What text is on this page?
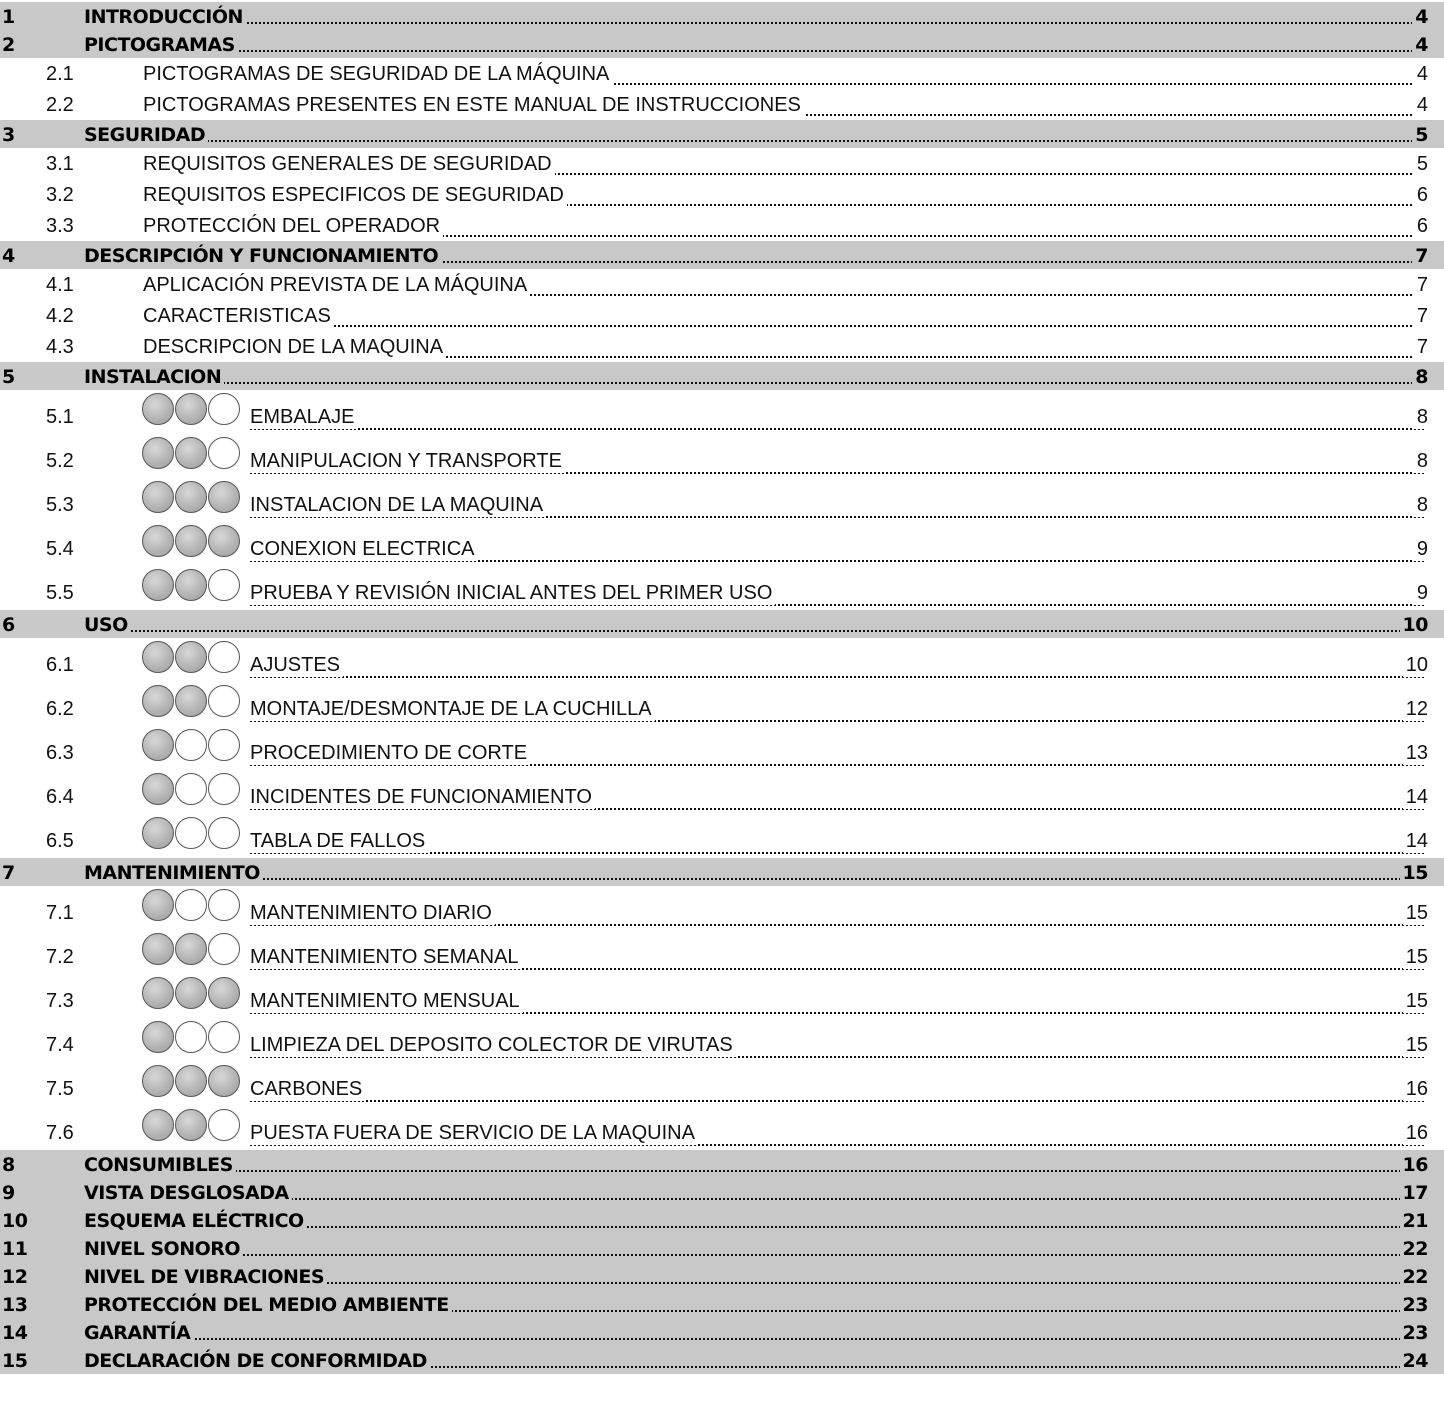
1	INTRODUCCIÓN	4
2	PICTOGRAMAS	4
2.1	PICTOGRAMAS DE SEGURIDAD DE LA MÁQUINA	4
2.2	PICTOGRAMAS PRESENTES EN ESTE MANUAL DE INSTRUCCIONES	4
3	SEGURIDAD	5
3.1	REQUISITOS GENERALES DE SEGURIDAD	5
3.2	REQUISITOS ESPECIFICOS DE SEGURIDAD	6
3.3	PROTECCIÓN DEL OPERADOR	6
4	DESCRIPCIÓN Y FUNCIONAMIENTO	7
4.1	APLICACIÓN PREVISTA DE LA MÁQUINA	7
4.2	CARACTERISTICAS	7
4.3	DESCRIPCION DE LA MAQUINA	7
5	INSTALACION	8
5.1	EMBALAJE	8
5.2	MANIPULACION Y TRANSPORTE	8
5.3	INSTALACION DE LA MAQUINA	8
5.4	CONEXION ELECTRICA	9
5.5	PRUEBA Y REVISIÓN INICIAL ANTES DEL PRIMER USO	9
6	USO	10
6.1	AJUSTES	10
6.2	MONTAJE/DESMONTAJE DE LA CUCHILLA	12
6.3	PROCEDIMIENTO DE CORTE	13
6.4	INCIDENTES DE FUNCIONAMIENTO	14
6.5	TABLA DE FALLOS	14
7	MANTENIMIENTO	15
7.1	MANTENIMIENTO DIARIO	15
7.2	MANTENIMIENTO SEMANAL	15
7.3	MANTENIMIENTO MENSUAL	15
7.4	LIMPIEZA DEL DEPOSITO COLECTOR DE VIRUTAS	15
7.5	CARBONES	16
7.6	PUESTA FUERA DE SERVICIO DE LA MAQUINA	16
8	CONSUMIBLES	16
9	VISTA DESGLOSADA	17
10	ESQUEMA ELÉCTRICO	21
11	NIVEL SONORO	22
12	NIVEL DE VIBRACIONES	22
13	PROTECCIÓN DEL MEDIO AMBIENTE	23
14	GARANTÍA	23
15	DECLARACIÓN DE CONFORMIDAD	24
